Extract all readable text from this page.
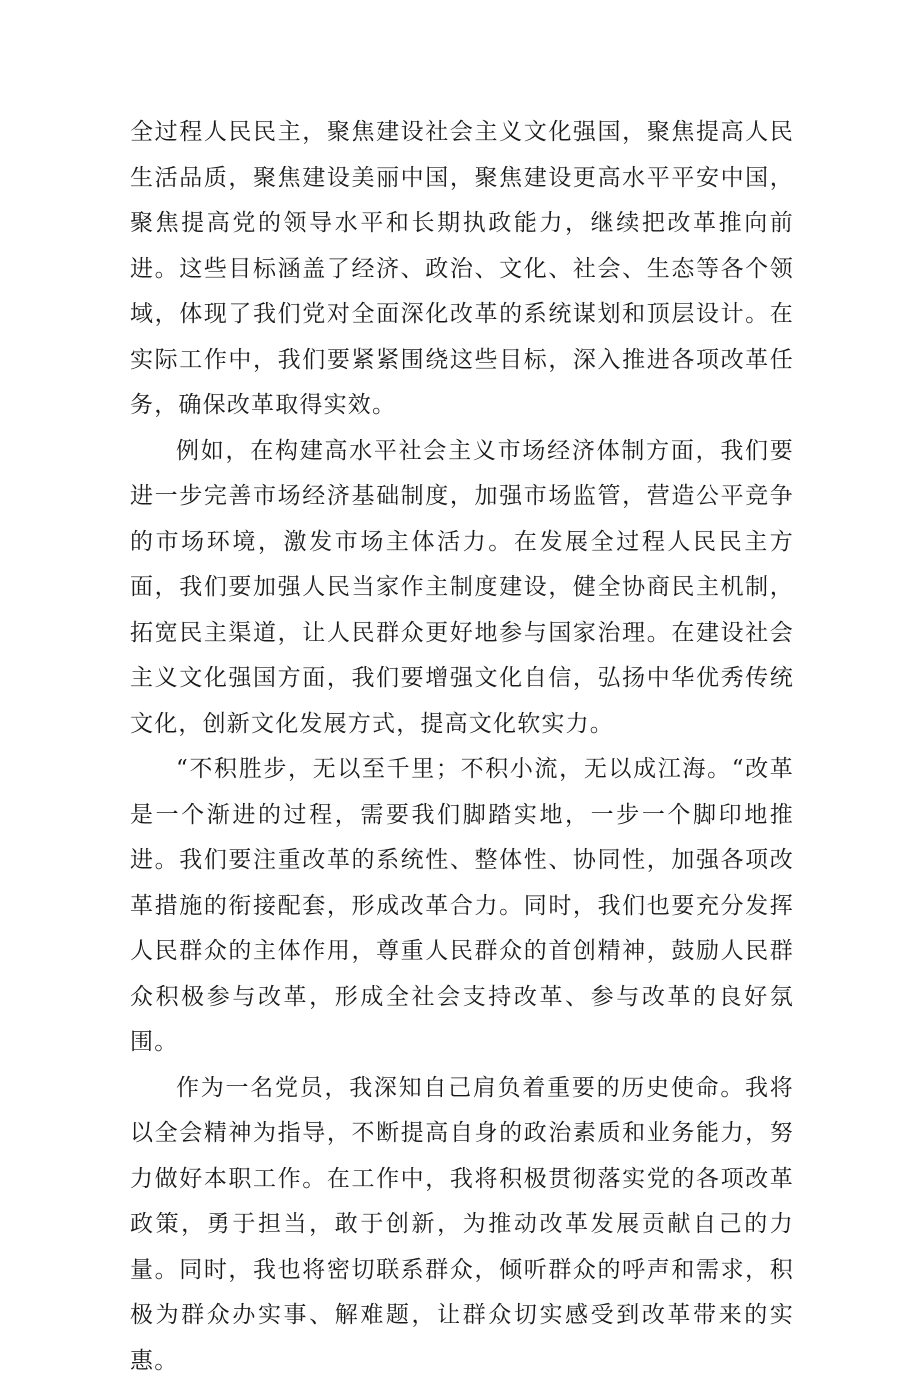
全过程人民民主，聚焦建设社会主义文化强国，聚焦提高人民生活品质，聚焦建设美丽中国，聚焦建设更高水平平安中国，聚焦提高党的领导水平和长期执政能力，继续把改革推向前进。这些目标涵盖了经济、政治、文化、社会、生态等各个领域，体现了我们党对全面深化改革的系统谋划和顶层设计。在实际工作中，我们要紧紧围绕这些目标，深入推进各项改革任务，确保改革取得实效。

例如，在构建高水平社会主义市场经济体制方面，我们要进一步完善市场经济基础制度，加强市场监管，营造公平竞争的市场环境，激发市场主体活力。在发展全过程人民民主方面，我们要加强人民当家作主制度建设，健全协商民主机制，拓宽民主渠道，让人民群众更好地参与国家治理。在建设社会主义文化强国方面，我们要增强文化自信，弘扬中华优秀传统文化，创新文化发展方式，提高文化软实力。

“不积胜步，无以至千里；不积小流，无以成江海。“改革是一个渐进的过程，需要我们脚踏实地，一步一个脚印地推进。我们要注重改革的系统性、整体性、协同性，加强各项改革措施的衔接配套，形成改革合力。同时，我们也要充分发挥人民群众的主体作用，尊重人民群众的首创精神，鼓励人民群众积极参与改革，形成全社会支持改革、参与改革的良好氛围。

作为一名党员，我深知自己肩负着重要的历史使命。我将以全会精神为指导，不断提高自身的政治素质和业务能力，努力做好本职工作。在工作中，我将积极贯彻落实党的各项改革政策，勇于担当，敢于创新，为推动改革发展贡献自己的力量。同时，我也将密切联系群众，倾听群众的呼声和需求，积极为群众办实事、解难题，让群众切实感受到改革带来的实惠。
